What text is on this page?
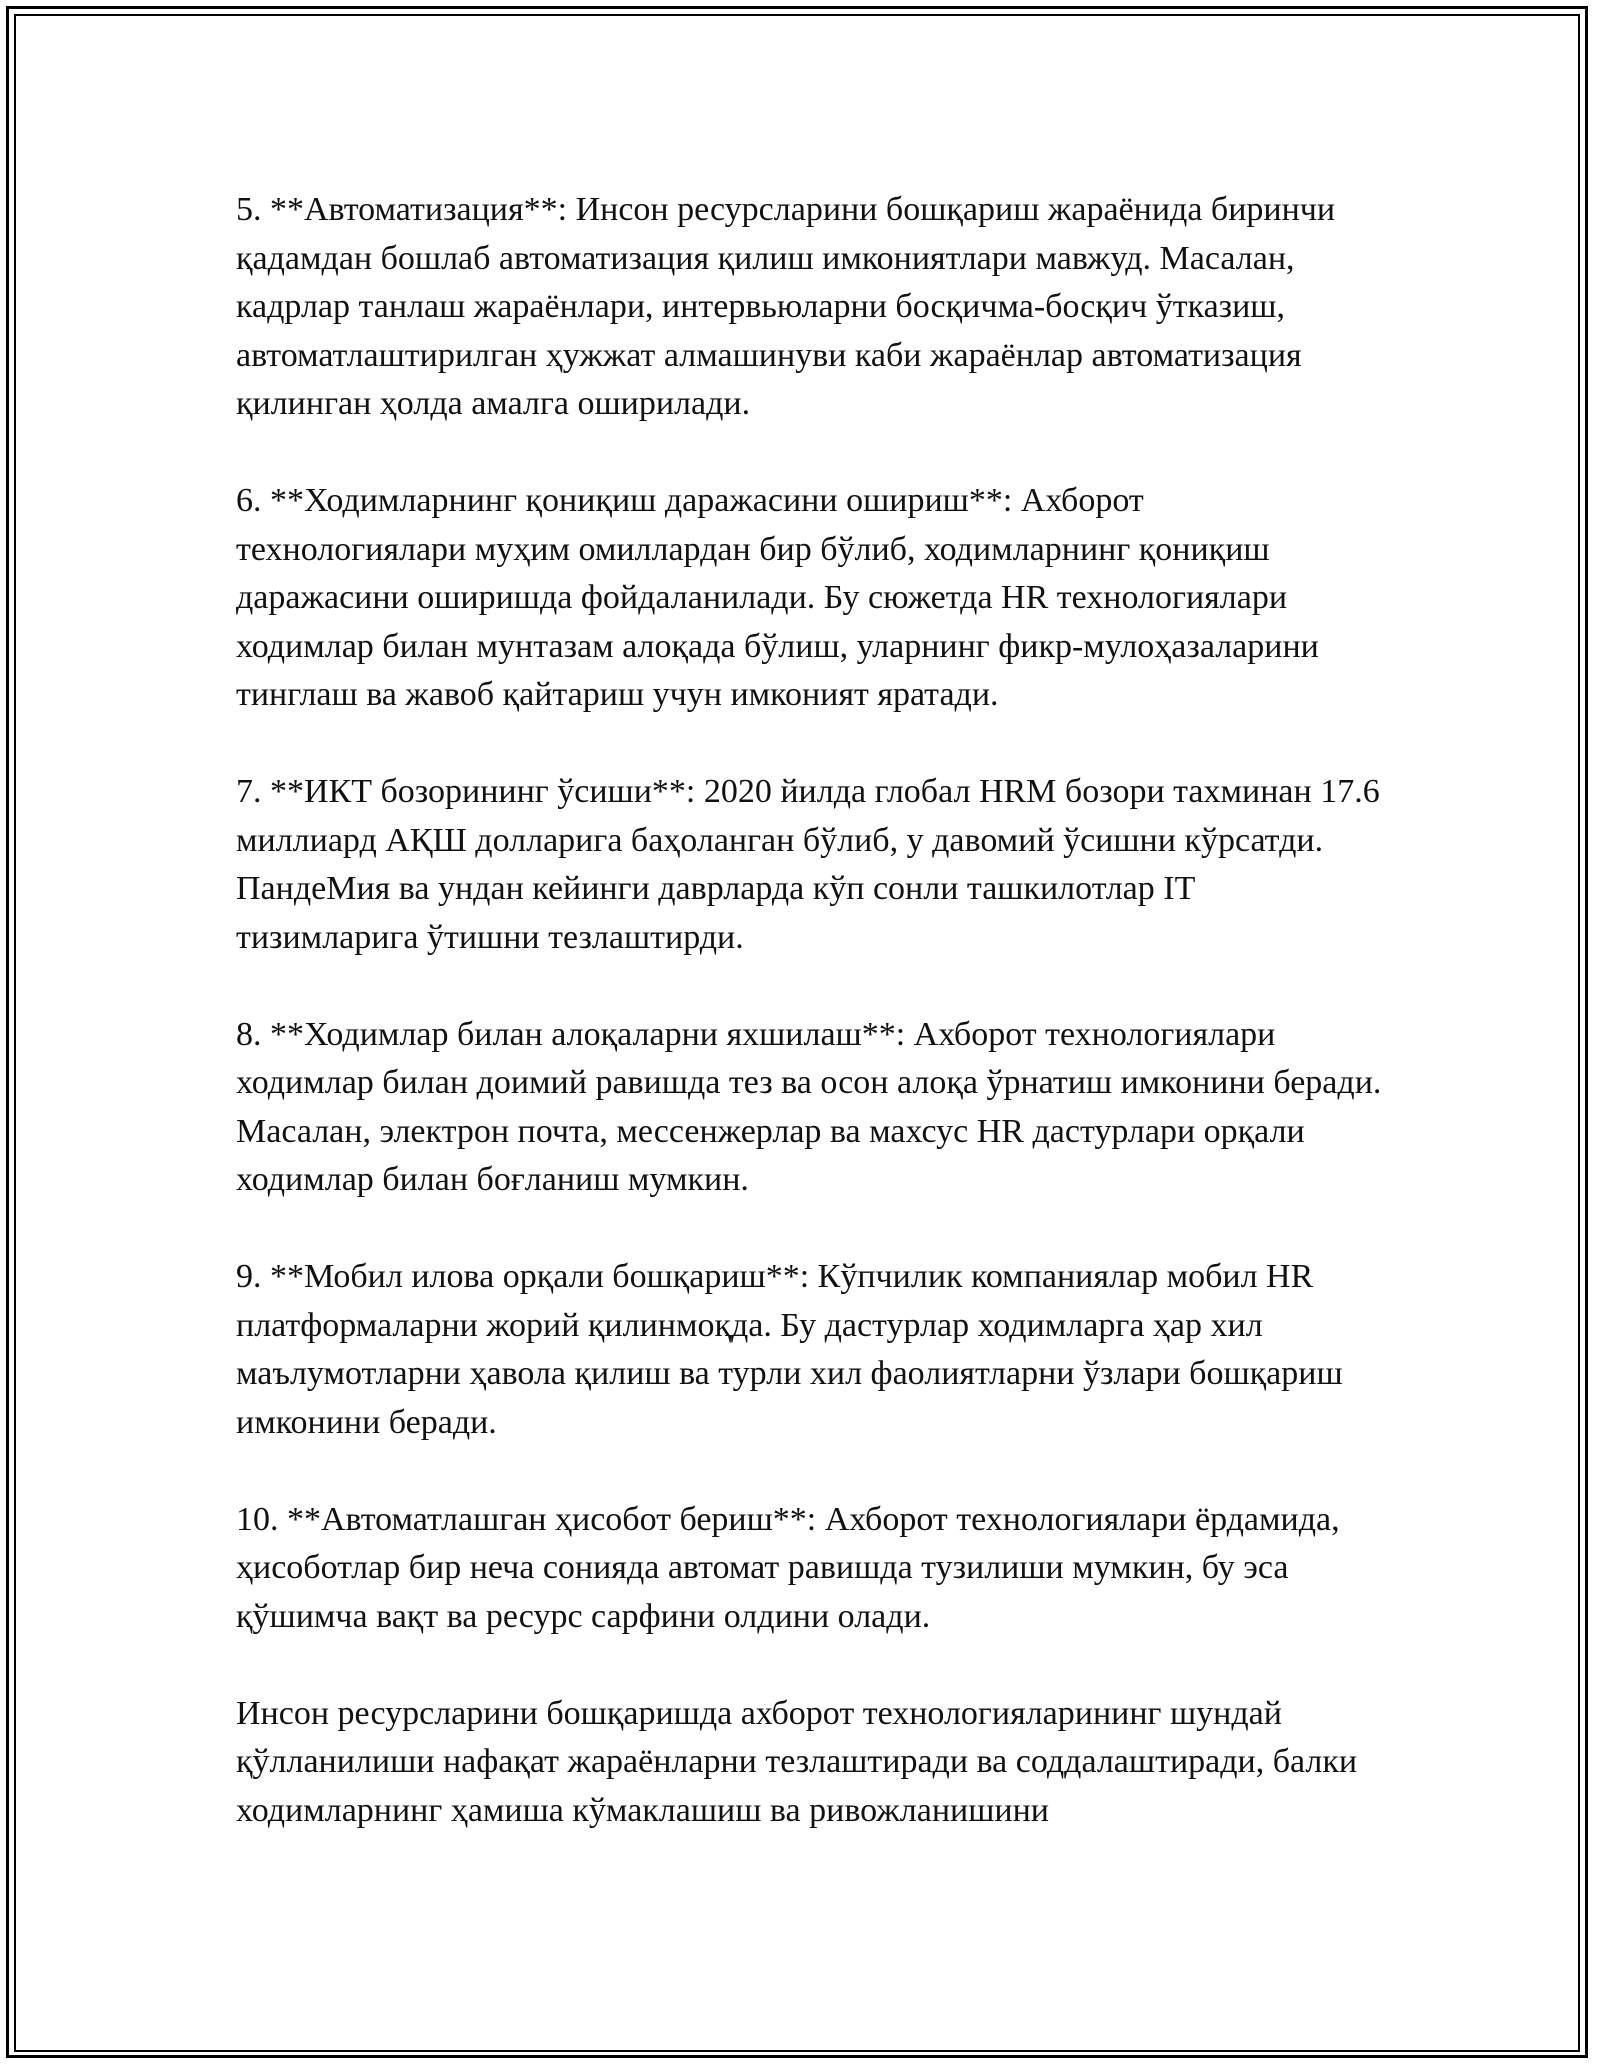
5. **Автоматизация**: Инсон ресурсларини бошқариш жараёнида биринчи қадамдан бошлаб автоматизация қилиш имкониятлари мавжуд. Масалан, кадрлар танлаш жараёнлари, интервьюларни босқичма-босқич ўтказиш, автоматлаштирилган ҳужжат алмашинуви каби жараёнлар автоматизация қилинган ҳолда амалга оширилади.

6. **Ходимларнинг қониқиш даражасини ошириш**: Ахборот технологиялари муҳим омиллардан бир бўлиб, ходимларнинг қониқиш даражасини оширишда фойдаланилади. Бу сюжетда HR технологиялари ходимлар билан мунтазам алоқада бўлиш, уларнинг фикр-мулоҳазаларини тинглаш ва жавоб қайтариш учун имконият яратади.

7. **ИКТ бозорининг ўсиши**: 2020 йилда глобал HRM бозори тахминан 17.6 миллиард АҚШ долларига баҳоланган бўлиб, у давомий ўсишни кўрсатди. ПандеМия ва ундан кейинги даврларда кўп сонли ташкилотлар IT тизимларига ўтишни тезлаштирди.

8. **Ходимлар билан алоқаларни яхшилаш**: Ахборот технологиялари ходимлар билан доимий равишда тез ва осон алоқа ўрнатиш имконини беради. Масалан, электрон почта, мессенжерлар ва махсус HR дастурлари орқали ходимлар билан боғланиш мумкин.

9. **Мобил илова орқали бошқариш**: Кўпчилик компаниялар мобил HR платформаларни жорий қилинмоқда. Бу дастурлар ходимларга ҳар хил маълумотларни ҳавола қилиш ва турли хил фаолиятларни ўзлари бошқариш имконини беради.

10. **Автоматлашган ҳисобот бериш**: Ахборот технологиялари ёрдамида, ҳисоботлар бир неча сонияда автомат равишда тузилиши мумкин, бу эса қўшимча вақт ва ресурс сарфини олдини олади.

Инсон ресурсларини бошқаришда ахборот технологияларининг шундай қўлланилиши нафақат жараёнларни тезлаштиради ва соддалаштиради, балки ходимларнинг ҳамиша кўмаклашиш ва ривожланишини
